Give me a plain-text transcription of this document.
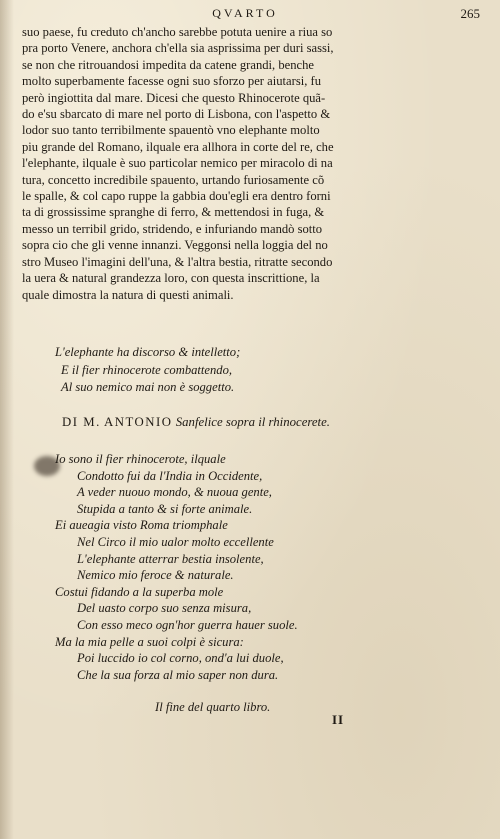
QVARTO	265
suo paese, fu creduto ch'ancho sarebbe potuta uenire a riua so
pra porto Venere, anchora ch'ella sia asprissima per duri sassi,
se non che ritrouandosi impedita da catene grandi, benche
molto superbamente facesse ogni suo sforzo per aiutarsi, fu
però ingiottita dal mare. Dicesi che questo Rhinocerote quã-
do e'su sbarcato di mare nel porto di Lisbona, con l'aspetto &
lodor suo tanto terribilmente spauentò vno elephante molto
piu grande del Romano, ilquale era allhora in corte del re, che
l'elephante, ilquale è suo particolar nemico per miracolo di na
tura, concetto incredibile spauento, urtando furiosamente cõ
le spalle, & col capo ruppe la gabbia dou'egli era dentro forni
ta di grossissime spranghe di ferro, & mettendosi in fuga, &
messo un terribil grido, stridendo, e infuriando mandò sotto
sopra cio che gli venne innanzi. Veggonsi nella loggia del no
stro Museo l'imagini dell'una, & l'altra bestia, ritratte secondo
la uera & natural grandezza loro, con questa inscrittione, la
quale dimostra la natura di questi animali.
L'elephante ha discorso & intelletto;
E il fier rhinocerote combattendo,
Al suo nemico mai non è soggetto.
DI M. ANTONIO Sanfelice sopra il rhinocerete.
Io sono il fier rhinocerote, ilquale
Condotto fui da l'India in Occidente,
A veder nuouo mondo, & nuoua gente,
Stupida a tanto & si forte animale.
Ei aueagia visto Roma triomphale
Nel Circo il mio ualor molto eccellente
L'elephante atterrar bestia insolente,
Nemico mio feroce & naturale.
Costui fidando a la superba mole
Del uasto corpo suo senza misura,
Con esso meco ogn'hor guerra hauer suole.
Ma la mia pelle a suoi colpi è sicura:
Poi luccido io col corno, ond'a lui duole,
Che la sua forza al mio saper non dura.
Il fine del quarto libro.
II
